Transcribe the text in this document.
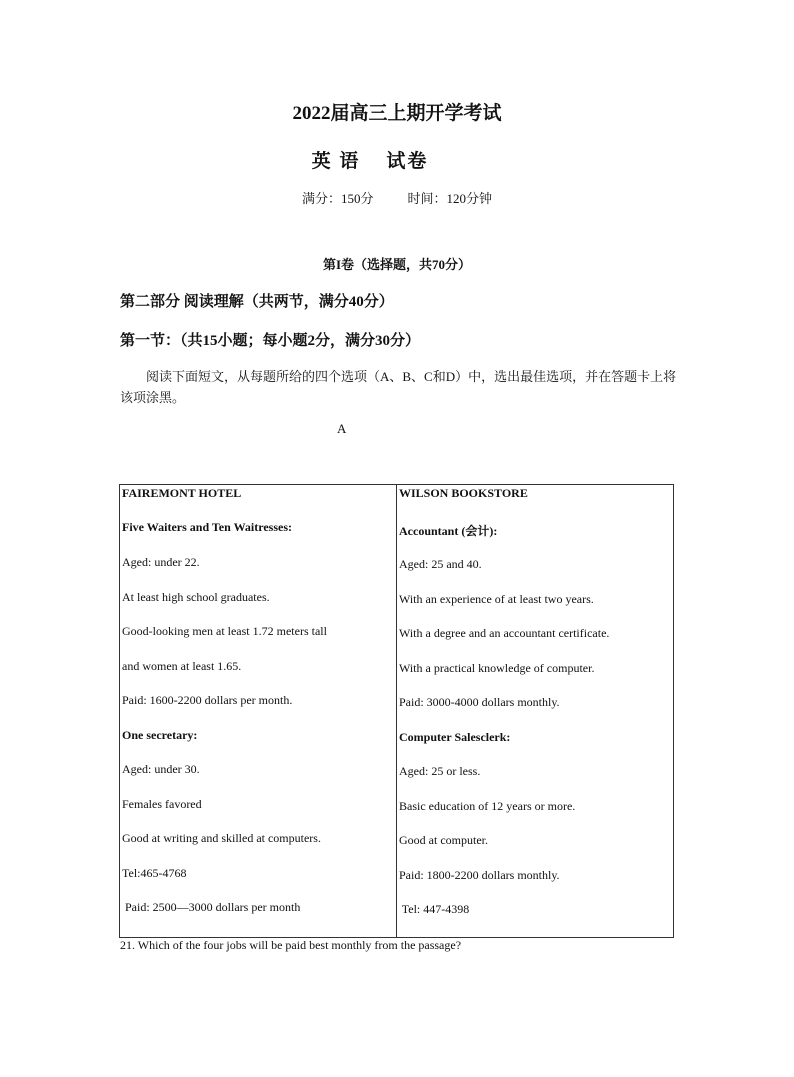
2022届高三上期开学考试
英 语 试卷
满分：150分	时间：120分钟
第I卷（选择题，共70分）
第二部分 阅读理解（共两节，满分40分）
第一节：（共15小题；每小题2分，满分30分）
阅读下面短文，从每题所给的四个选项（A、B、C和D）中，选出最佳选项，并在答题卡上将该项涂黑。
A
FAIREMONT HOTEL
Five Waiters and Ten Waitresses:
Aged: under 22.
At least high school graduates.
Good-looking men at least 1.72 meters tall
and women at least 1.65.
Paid: 1600-2200 dollars per month.
One secretary:
Aged: under 30.
Females favored
Good at writing and skilled at computers.
Tel:465-4768
Paid: 2500—3000 dollars per month

WILSON BOOKSTORE
Accountant (会计):
Aged: 25 and 40.
With an experience of at least two years.
With a degree and an accountant certificate.
With a practical knowledge of computer.
Paid: 3000-4000 dollars monthly.
Computer Salesclerk:
Aged: 25 or less.
Basic education of 12 years or more.
Good at computer.
Paid: 1800-2200 dollars monthly.
Tel: 447-4398
21. Which of the four jobs will be paid best monthly from the passage?
